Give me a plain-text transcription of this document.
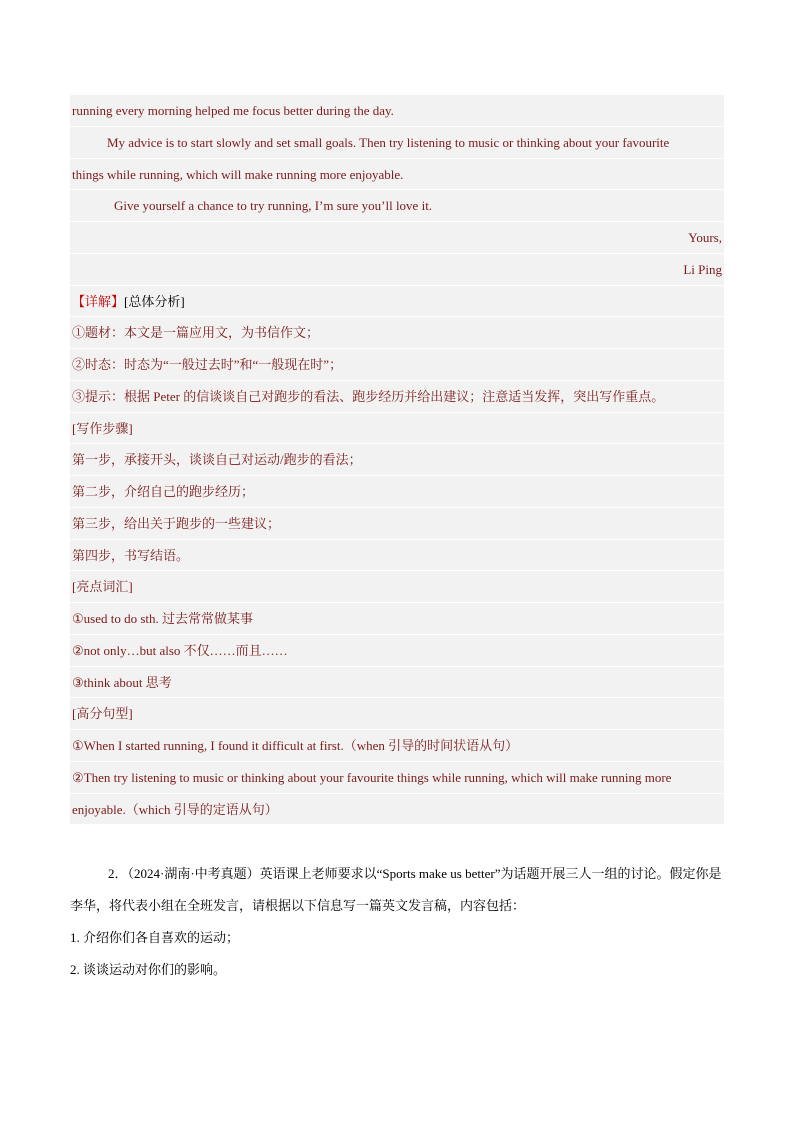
running every morning helped me focus better during the day.
My advice is to start slowly and set small goals. Then try listening to music or thinking about your favourite
things while running, which will make running more enjoyable.
Give yourself a chance to try running, I’m sure you’ll love it.
Yours,
Li Ping
【详解】[总体分析]
①题材：本文是一篇应用文，为书信作文；
②时态：时态为“一般过去时”和“一般现在时”；
③提示：根据 Peter 的信谈谈自己对跑步的看法、跑步经历并给出建议；注意适当发挥，突出写作重点。
[写作步骤]
第一步，承接开头，谈谈自己对运动/跑步的看法；
第二步，介绍自己的跑步经历；
第三步，给出关于跑步的一些建议；
第四步，书写结语。
[亮点词汇]
①used to do sth. 过去常常做某事
②not only…but also 不仅……而且……
③think about 思考
[高分句型]
①When I started running, I found it difficult at first.（when 引导的时间状语从句）
②Then try listening to music or thinking about your favourite things while running, which will make running more
enjoyable.（which 引导的定语从句）
2．（2024·湖南·中考真题）英语课上老师要求以“Sports make us better”为话题开展三人一组的讨论。假定你是李华，将代表小组在全班发言，请根据以下信息写一篇英文发言稿，内容包括：
1. 介绍你们各自喜欢的运动；
2. 谈谈运动对你们的影响。
